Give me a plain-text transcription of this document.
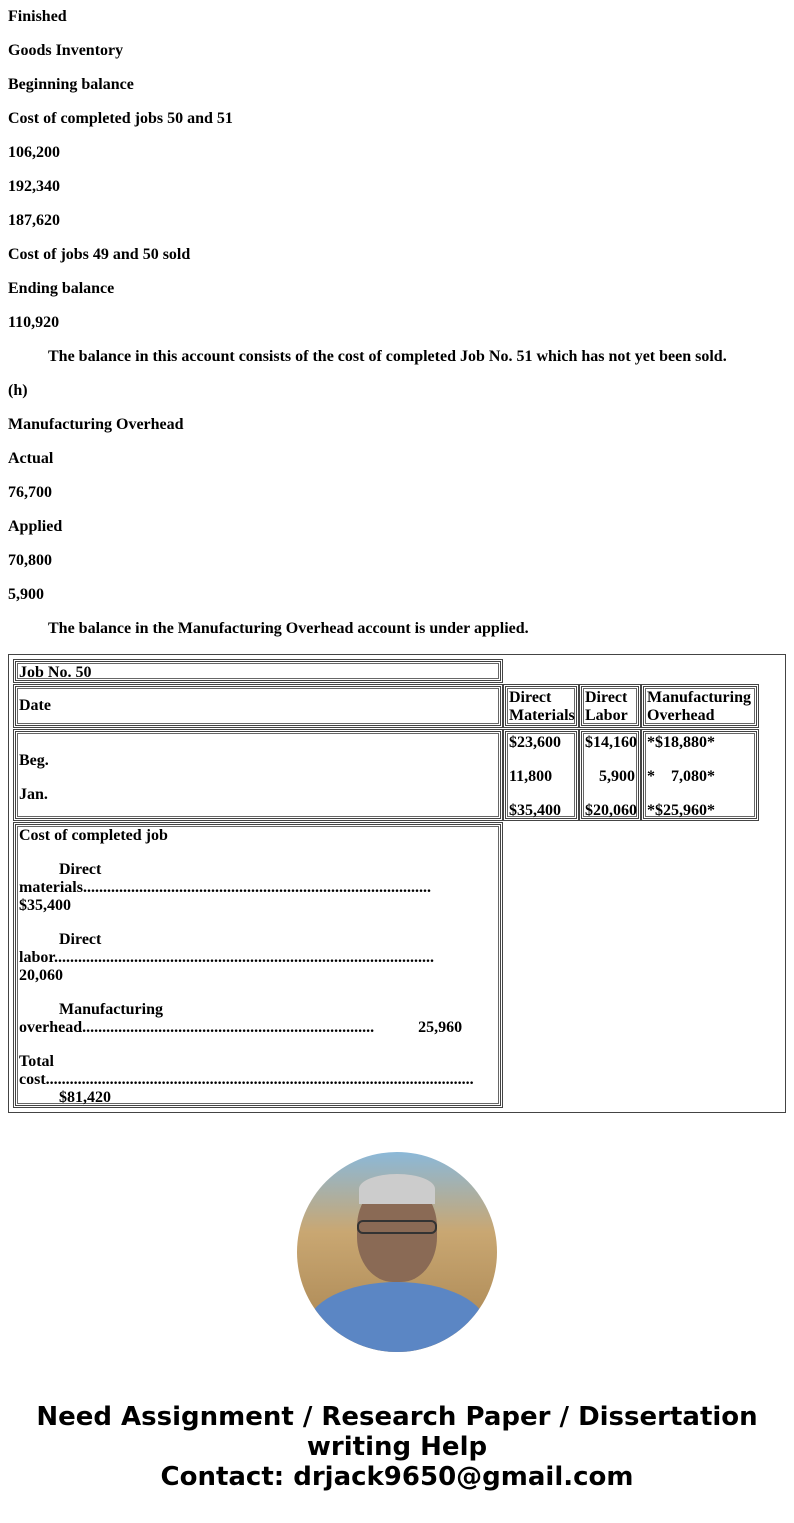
Finished

Goods Inventory

Beginning balance

Cost of completed jobs 50 and 51

106,200

192,340

187,620

Cost of jobs 49 and 50 sold

Ending balance

110,920

The balance in this account consists of the cost of completed Job No. 51 which has not yet been sold.

(h)

Manufacturing Overhead

Actual

76,700

Applied

70,800

5,900

The balance in the Manufacturing Overhead account is under applied.

Job No. 50
Date	Direct Materials
Direct Labor
Manufacturing Overhead
Beg.
Jan.
$23,600
11,800
$35,400
$14,160
5,900
$20,060
*$18,880*
*    7,080*
*$25,960*
Cost of completed job
Direct
materials.......................................................................................
$35,400
Direct
labor...............................................................................................
20,060
Manufacturing
overhead.........................................................................	25,960
Total
cost...........................................................................................................
$81,420
Need Assignment / Research Paper / Dissertation writing Help
Contact: drjack9650@gmail.com
